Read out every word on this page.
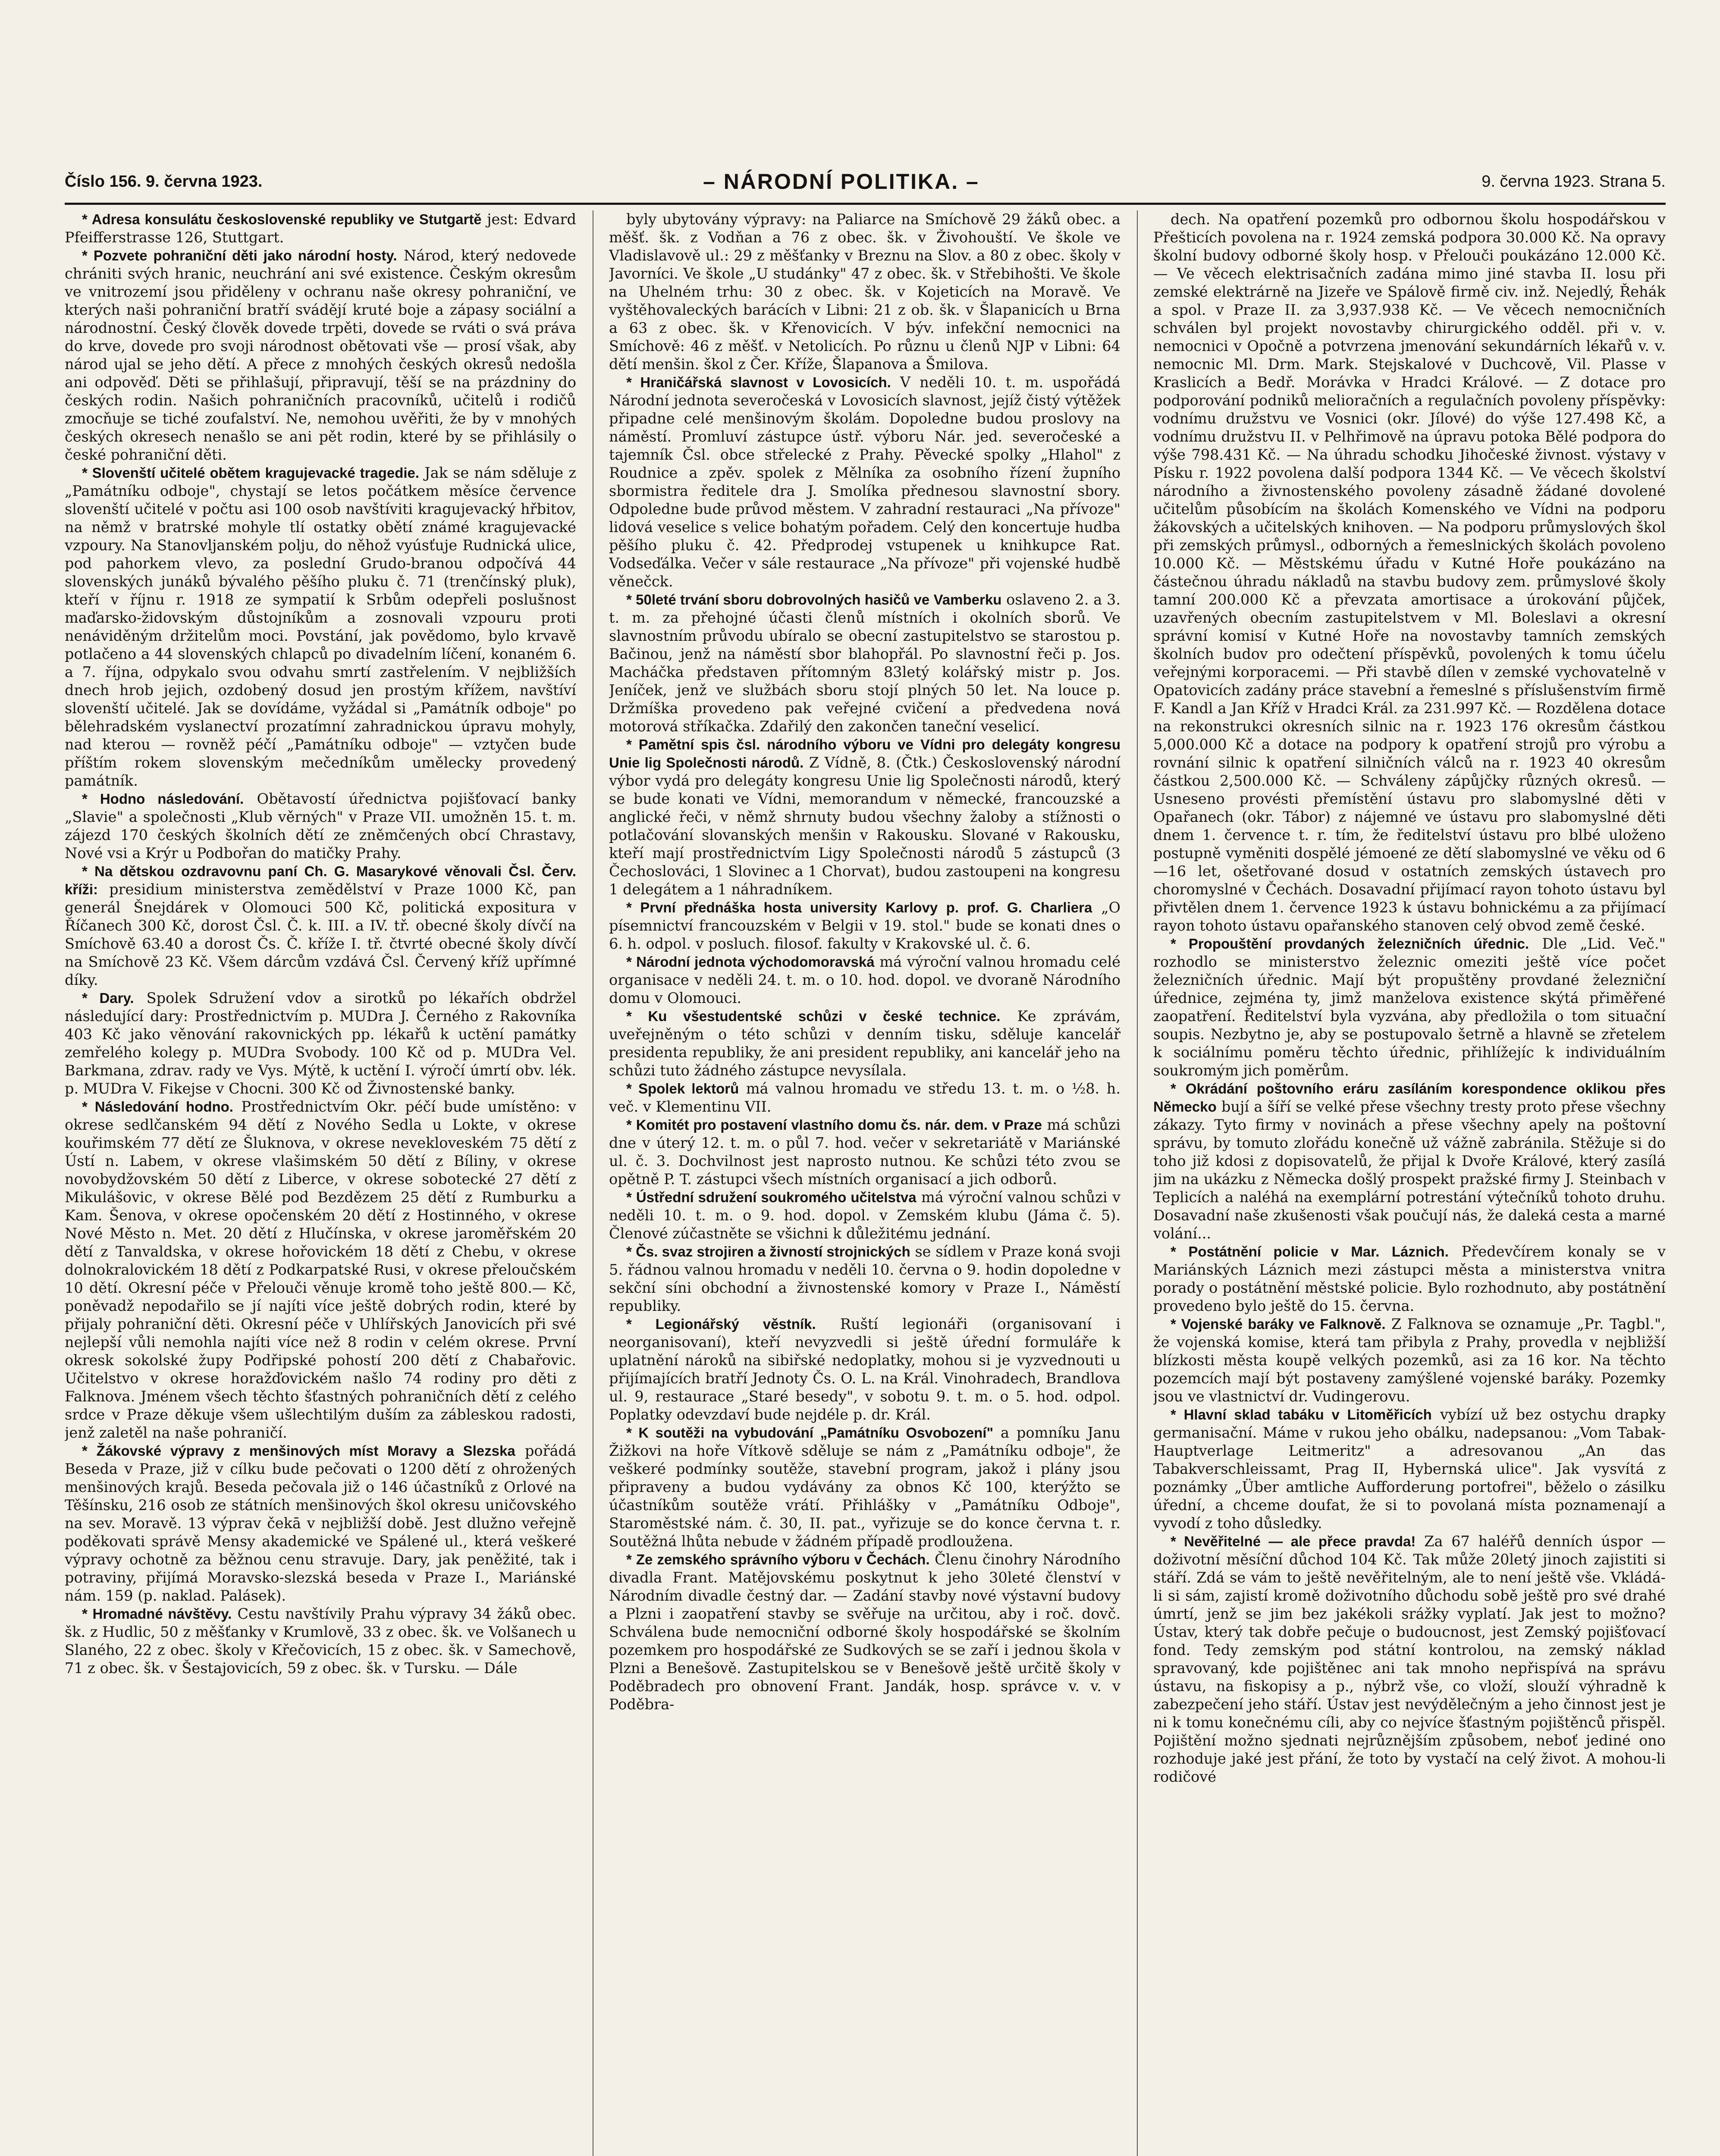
Číslo 156. 9. června 1923.	– NÁRODNÍ POLITIKA. –	9. června 1923. Strana 5.

* Adresa konsulátu československé republiky ve Stutgartě jest: Edvard Pfeifferstrasse 126, Stuttgart.

* Pozvete pohraniční děti jako národní hosty. Národ, který nedovede chrániti svých hranic, neuchrání ani své existence. Českým okresům ve vnitrozemí jsou přiděleny v ochranu naše okresy pohraniční, ve kterých naši pohraniční bratří svádějí kruté boje a zápasy sociální a národnostní. Český člověk dovede trpěti, dovede se rváti o svá práva do krve, dovede pro svoji národnost obětovati vše — prosí však, aby národ ujal se jeho dětí. A přece z mnohých českých okresů nedošla ani odpověď. Děti se přihlašují, připravují, těší se na prázdniny do českých rodin. Našich pohraničních pracovníků, učitelů i rodičů zmocňuje se tiché zoufalství. Ne, nemohou uvěřiti, že by v mnohých českých okresech nenašlo se ani pět rodin, které by se přihlásily o české pohraniční děti.

* Slovenští učitelé obětem kragujevacké tragedie. Jak se nám sděluje z „Památníku odboje", chystají se letos počátkem měsíce července slovenští učitelé v počtu asi 100 osob navštíviti kragujevacký hřbitov, na němž v bratrské mohyle tlí ostatky obětí známé kragujevacké vzpoury. Na Stanovljanském polju, do něhož vyúsťuje Rudnická ulice, pod pahorkem vlevo, za poslední Grudo-branou odpočívá 44 slovenských junáků bývalého pěšího pluku č. 71 (trenčínský pluk), kteří v říjnu r. 1918 ze sympatií k Srbům odepřeli poslušnost maďarsko-židovským důstojníkům a zosnovali vzpouru proti nenáviděným držitelům moci. Povstání, jak povědomo, bylo krvavě potlačeno a 44 slovenských chlapců po divadelním líčení, konaném 6. a 7. října, odpykalo svou odvahu smrtí zastřelením. V nejbližších dnech hrob jejich, ozdobený dosud jen prostým křížem, navštíví slovenští učitelé. Jak se dovídáme, vyžádal si „Památník odboje" po bělehradském vyslanectví prozatímní zahradnickou úpravu mohyly, nad kterou — rovněž péčí „Památníku odboje" — vztyčen bude příštím rokem slovenským mečedníkům umělecky provedený památník.

* Hodno následování. Obětavostí úřednictva pojišťovací banky „Slavie" a společnosti „Klub věrných" v Praze VII. umožněn 15. t. m. zájezd 170 českých školních dětí ze zněmčených obcí Chrastavy, Nové vsi a Krýr u Podbořan do matičky Prahy.

* Na dětskou ozdravovnu paní Ch. G. Masarykové věnovali Čsl. Červ. kříži: presidium ministerstva zemědělství v Praze 1000 Kč, pan generál Šnejdárek v Olomouci 500 Kč, politická expositura v Říčanech 300 Kč, dorost Čsl. Č. k. III. a IV. tř. obecné školy dívčí na Smíchově 63.40 a dorost Čs. Č. kříže I. tř. čtvrté obecné školy dívčí na Smíchově 23 Kč. Všem dárcům vzdává Čsl. Červený kříž upřímné díky.

* Dary. Spolek Sdružení vdov a sirotků po lékařích obdržel následující dary: Prostřednictvím p. MUDra J. Černého z Rakovníka 403 Kč jako věnování rakovnických pp. lékařů k uctění památky zemřelého kolegy p. MUDra Svobody. 100 Kč od p. MUDra Vel. Barkmana, zdrav. rady ve Vys. Mýtě, k uctění I. výročí úmrtí obv. lék. p. MUDra V. Fikejse v Chocni. 300 Kč od Živnostenské banky.

* Následování hodno. Prostřednictvím Okr. péčí bude umístěno: v okrese sedlčanském 94 dětí z Nového Sedla u Lokte, v okrese kouřimském 77 dětí ze Šluknova, v okrese nevekloveském 75 dětí z Ústí n. Labem, v okrese vlašimském 50 dětí z Bíliny, v okrese novobydžovském 50 dětí z Liberce, v okrese sobotecké 27 dětí z Mikulášovic, v okrese Bělé pod Bezdězem 25 dětí z Rumburku a Kam. Šenova, v okrese opočenském 20 dětí z Hostinného, v okrese Nové Město n. Met. 20 dětí z Hlučínska, v okrese jaroměřském 20 dětí z Tanvaldska, v okrese hořovickém 18 dětí z Chebu, v okrese dolnokralovickém 18 dětí z Podkarpatské Rusi, v okrese přeloučském 10 dětí. Okresní péče v Přelouči věnuje kromě toho ještě 800.— Kč, poněvadž nepodařilo se jí najíti více ještě dobrých rodin, které by přijaly pohraniční děti. Okresní péče v Uhlířských Janovicích při své nejlepší vůli nemohla najíti více než 8 rodin v celém okrese. První okresk sokolské župy Podřipské pohostí 200 dětí z Chabařovic. Učitelstvo v okrese horažďovickém našlo 74 rodiny pro děti z Falknova. Jménem všech těchto šťastných pohraničních dětí z celého srdce v Praze děkuje všem ušlechtilým duším za zábleskou radosti, jenž zaletěl na naše pohraničí.

* Žákovské výpravy z menšinových míst Moravy a Slezska pořádá Beseda v Praze, již v cílku bude pečovati o 1200 dětí z ohrožených menšinových krajů. Beseda pečovala již o 146 účastníků z Orlové na Těšínsku, 216 osob ze státních menšinových škol okresu uničovského na sev. Moravě. 13 výprav čekā v nejbližší době. Jest dlužno veřejně poděkovati správě Mensy akademické ve Spálené ul., která veškeré výpravy ochotně za běžnou cenu stravuje. Dary, jak peněžité, tak i potraviny, přijímá Moravsko-slezská beseda v Praze I., Mariánské nám. 159 (p. naklad. Palásek).

* Hromadné návštěvy. Cestu navštívily Prahu výpravy 34 žáků obec. šk. z Hudlic, 50 z měšťanky v Krumlově, 33 z obec. šk. ve Volšanech u Slaného, 22 z obec. školy v Křečovicích, 15 z obec. šk. v Samechově, 71 z obec. šk. v Šestajovicích, 59 z obec. šk. v Tursku. — Dále

byly ubytovány výpravy: na Paliarce na Smíchově 29 žáků obec. a měšť. šk. z Vodňan a 76 z obec. šk. v Živohouští. Ve škole ve Vladislavově ul.: 29 z měšťanky v Breznu na Slov. a 80 z obec. školy v Javorníci. Ve škole „U studánky" 47 z obec. šk. v Střebihošti. Ve škole na Uhelném trhu: 30 z obec. šk. v Kojeticích na Moravě. Ve vyštěhovaleckých barácích v Libni: 21 z ob. šk. v Šlapanicích u Brna a 63 z obec. šk. v Křenovicích. V býv. infekční nemocnici na Smíchově: 46 z měšť. v Netolicích. Po různu u členů NJP v Libni: 64 dětí menšin. škol z Čer. Kříže, Šlapanova a Šmilova.

* Hraničářská slavnost v Lovosicích. V neděli 10. t. m. uspořádá Národní jednota severočeská v Lovosicích slavnost, jejíž čistý výtěžek připadne celé menšinovým školám. Dopoledne budou proslovy na náměstí. Promluví zástupce ústř. výboru Nár. jed. severočeské a tajemník Čsl. obce střelecké z Prahy. Pěvecké spolky „Hlahol" z Roudnice a zpěv. spolek z Mělníka za osobního řízení župního sbormistra ředitele dra J. Smolíka přednesou slavnostní sbory. Odpoledne bude průvod městem. V zahradní restauraci „Na přívoze" lidová veselice s velice bohatým pořadem. Celý den koncertuje hudba pěšího pluku č. 42. Předprodej vstupenek u knihkupce Rat. Vodseďálka. Večer v sále restaurace „Na přívoze" při vojenské hudbě věnečck.

* 50leté trvání sboru dobrovolných hasičů ve Vamberku oslaveno 2. a 3. t. m. za přehojné účasti členů místních i okolních sborů. Ve slavnostním průvodu ubíralo se obecní zastupitelstvo se starostou p. Bačinou, jenž na náměstí sbor blahopřál. Po slavnostní řeči p. Jos. Macháčka představen přítomným 83letý kolářský mistr p. Jos. Jeníček, jenž ve službách sboru stojí plných 50 let. Na louce p. Držmíška provedeno pak veřejné cvičení a předvedena nová motorová stříkačka. Zdařilý den zakončen taneční veselicí.

* Pamětní spis čsl. národního výboru ve Vídni pro delegáty kongresu Unie lig Společnosti národů. Z Vídně, 8. (Čtk.) Československý národní výbor vydá pro delegáty kongresu Unie lig Společnosti národů, který se bude konati ve Vídni, memorandum v německé, francouzské a anglické řeči, v němž shrnuty budou všechny žaloby a stížnosti o potlačování slovanských menšin v Rakousku. Slované v Rakousku, kteří mají prostřednictvím Ligy Společnosti národů 5 zástupců (3 Čechoslováci, 1 Slovinec a 1 Chorvat), budou zastoupeni na kongresu 1 delegátem a 1 náhradníkem.

* První přednáška hosta university Karlovy p. prof. G. Charliera „O písemnictví francouzském v Belgii v 19. stol." bude se konati dnes o 6. h. odpol. v posluch. filosof. fakulty v Krakovské ul. č. 6.

* Národní jednota východomoravská má výroční valnou hromadu celé organisace v neděli 24. t. m. o 10. hod. dopol. ve dvoraně Národního domu v Olomouci.

* Ku všestudentské schůzi v české technice. Ke zprávám, uveřejněným o této schůzi v denním tisku, sděluje kancelář presidenta republiky, že ani president republiky, ani kancelář jeho na schůzi tuto žádného zástupce nevysílala.

* Spolek lektorů má valnou hromadu ve středu 13. t. m. o ½8. h. več. v Klementinu VII.

* Komitét pro postavení vlastního domu čs. nár. dem. v Praze má schůzi dne v úterý 12. t. m. o půl 7. hod. večer v sekretariátě v Mariánské ul. č. 3. Dochvilnost jest naprosto nutnou. Ke schůzi této zvou se opětně P. T. zástupci všech místních organisací a jich odborů.

* Ústřední sdružení soukromého učitelstva má výroční valnou schůzi v neděli 10. t. m. o 9. hod. dopol. v Zemském klubu (Jáma č. 5). Členové zúčastněte se všichni k důležitému jednání.

* Čs. svaz strojiren a živností strojnických se sídlem v Praze koná svoji 5. řádnou valnou hromadu v neděli 10. června o 9. hodin dopoledne v sekční síni obchodní a živnostenské komory v Praze I., Náměstí republiky.

* Legionářský věstník. Ruští legionáři (organisovaní i neorganisovaní), kteří nevyzvedli si ještě úřední formuláře k uplatnění nároků na sibiřské nedoplatky, mohou si je vyzvednouti u přijímajících bratří Jednoty Čs. O. L. na Král. Vinohradech, Brandlova ul. 9, restaurace „Staré besedy", v sobotu 9. t. m. o 5. hod. odpol. Poplatky odevzdaví bude nejdéle p. dr. Král.

* K soutěži na vybudování „Památníku Osvobození" a pomníku Janu Žižkovi na hoře Vítkově sděluje se nám z „Památníku odboje", že veškeré podmínky soutěže, stavební program, jakož i plány jsou připraveny a budou vydávány za obnos Kč 100, kterýžto se účastníkům soutěže vrátí. Přihlášky v „Památníku Odboje", Staroměstské nám. č. 30, II. pat., vyřizuje se do konce června t. r. Soutěžná lhůta nebude v žádném případě prodloužena.

* Ze zemského správního výboru v Čechách. Členu činohry Národního divadla Frant. Matějovskému poskytnut k jeho 30leté členství v Národním divadle čestný dar. — Zadání stavby nové výstavní budovy a Plzni i zaopatření stavby se svěřuje na určitou, aby i roč. dovč. Schválena bude nemocniční odborné školy hospodářské se školním pozemkem pro hospodářské ze Sudkových se se zaří i jednou škola v Plzni a Benešově. Zastupitelskou se v Benešově ještě určitě školy v Poděbradech pro obnovení Frant. Jandák, hosp. správce v. v. v Poděbra-

dech. Na opatření pozemků pro odbornou školu hospodářskou v Přešticích povolena na r. 1924 zemská podpora 30.000 Kč. Na opravy školní budovy odborné školy hosp. v Přelouči poukázáno 12.000 Kč. — Ve věcech elektrisačních zadána mimo jiné stavba II. losu při zemské elektrárně na Jizeře ve Spálově firmě civ. inž. Nejedlý, Řehák a spol. v Praze II. za 3,937.938 Kč. — Ve věcech nemocničních schválen byl projekt novostavby chirurgického odděl. při v. v. nemocnici v Opočně a potvrzena jmenování sekundárních lékařů v. v. nemocnic Ml. Drm. Mark. Stejskalové v Duchcově, Vil. Plasse v Kraslicích a Bedř. Morávka v Hradci Králové. — Z dotace pro podporování podniků melioračních a regulačních povoleny příspěvky: vodnímu družstvu ve Vosnici (okr. Jílové) do výše 127.498 Kč, a vodnímu družstvu II. v Pelhřimově na úpravu potoka Bělé podpora do výše 798.431 Kč. — Na úhradu schodku Jihočeské živnost. výstavy v Písku r. 1922 povolena další podpora 1344 Kč. — Ve věcech školství národního a živnostenského povoleny zásadně žádané dovolené učitelům působícím na školách Komenského ve Vídni na podporu žákovských a učitelských knihoven. — Na podporu průmyslových škol při zemských průmysl., odborných a řemeslnických školách povoleno 10.000 Kč. — Městskému úřadu v Kutné Hoře poukázáno na částečnou úhradu nákladů na stavbu budovy zem. průmyslové školy tamní 200.000 Kč a převzata amortisace a úrokování půjček, uzavřených obecním zastupitelstvem v Ml. Boleslavi a okresní správní komisí v Kutné Hoře na novostavby tamních zemských školních budov pro odečtení příspěvků, povolených k tomu účelu veřejnými korporacemi. — Při stavbě dílen v zemské vychovatelně v Opatovicích zadány práce stavební a řemeslné s příslušenstvím firmě F. Kandl a Jan Kříž v Hradci Král. za 231.997 Kč. — Rozdělena dotace na rekonstrukci okresních silnic na r. 1923 176 okresům částkou 5,000.000 Kč a dotace na podpory k opatření strojů pro výrobu a rovnání silnic k opatření silničních válců na r. 1923 40 okresům částkou 2,500.000 Kč. — Schváleny zápůjčky různých okresů. — Usneseno provésti přemístění ústavu pro slabomyslné děti v Opařanech (okr. Tábor) z nájemné ve ústavu pro slabomyslné děti dnem 1. července t. r. tím, že ředitelství ústavu pro blbé uloženo postupně vyměniti dospělé jémoené ze dětí slabomyslné ve věku od 6—16 let, ošetřované dosud v ostatních zemských ústavech pro choromyslné v Čechách. Dosavadní přijímací rayon tohoto ústavu byl přivtělen dnem 1. července 1923 k ústavu bohnickému a za přijímací rayon tohoto ústavu opařanského stanoven celý obvod země české.

* Propouštění provdaných železničních úřednic. Dle „Lid. Več." rozhodlo se ministerstvo železnic omeziti ještě více počet železničních úřednic. Mají být propuštěny provdané železniční úřednice, zejména ty, jimž manželova existence skýtá přiměřené zaopatření. Ředitelství byla vyzvána, aby předložila o tom situační soupis. Nezbytno je, aby se postupovalo šetrně a hlavně se zřetelem k sociálnímu poměru těchto úřednic, přihlížejíc k individuálním soukromým jich poměrům.

* Okrádání poštovního eráru zasíláním korespondence oklikou přes Německo bují a šíří se velké přese všechny tresty proto přese všechny zákazy. Tyto firmy v novinách a přese všechny apely na poštovní správu, by tomuto zlořádu konečně už vážně zabránila. Stěžuje si do toho již kdosi z dopisovatelů, že přijal k Dvoře Králové, který zasílá jim na ukázku z Německa došlý prospekt pražské firmy J. Steinbach v Teplicích a naléhá na exemplární potrestání výtečníků tohoto druhu. Dosavadní naše zkušenosti však poučují nás, že daleká cesta a marné volání...

* Postátnění policie v Mar. Láznich. Předevčírem konaly se v Mariánských Láznich mezi zástupci města a ministerstva vnitra porady o postátnění městské policie. Bylo rozhodnuto, aby postátnění provedeno bylo ještě do 15. června.

* Vojenské baráky ve Falknově. Z Falknova se oznamuje „Pr. Tagbl.", že vojenská komise, která tam přibyla z Prahy, provedla v nejbližší blízkosti města koupě velkých pozemků, asi za 16 kor. Na těchto pozemcích mají být postaveny zamýšlené vojenské baráky. Pozemky jsou ve vlastnictví dr. Vudingerovu.

* Hlavní sklad tabáku v Litoměřicích vybízí už bez ostychu drapky germanisační. Máme v rukou jeho obálku, nadepsanou: „Vom Tabak-Hauptverlage Leitmeritz" a adresovanou „An das Tabakverschleissamt, Prag II, Hybernská ulice". Jak vysvítá z poznámky „Über amtliche Aufforderung portofrei", běželo o zásilku úřední, a chceme doufat, že si to povolaná místa poznamenají a vyvodí z toho důsledky.

* Nevěřitelné — ale přece pravda! Za 67 haléřů denních úspor — doživotní měsíční důchod 104 Kč. Tak může 20letý jinoch zajistiti si stáří. Zdá se vám to ještě nevěřitelným, ale to není ještě vše. Vkládá-li si sám, zajistí kromě doživotního důchodu sobě ještě pro své drahé úmrtí, jenž se jim bez jakékoli srážky vyplatí. Jak jest to možno? Ústav, který tak dobře pečuje o budoucnost, jest Zemský pojišťovací fond. Tedy zemským pod státní kontrolou, na zemský náklad spravovaný, kde pojištěnec ani tak mnoho nepřispívá na správu ústavu, na fiskopisy a p., nýbrž vše, co vloží, slouží výhradně k zabezpečení jeho stáří. Ústav jest nevýdělečným a jeho činnost jest je ni k tomu konečnému cíli, aby co nejvíce šťastným pojištěnců přispěl. Pojištění možno sjednati nejrůznějším způsobem, neboť jediné ono rozhoduje jaké jest přání, že toto by vystačí na celý život. A mohou-li rodičové
